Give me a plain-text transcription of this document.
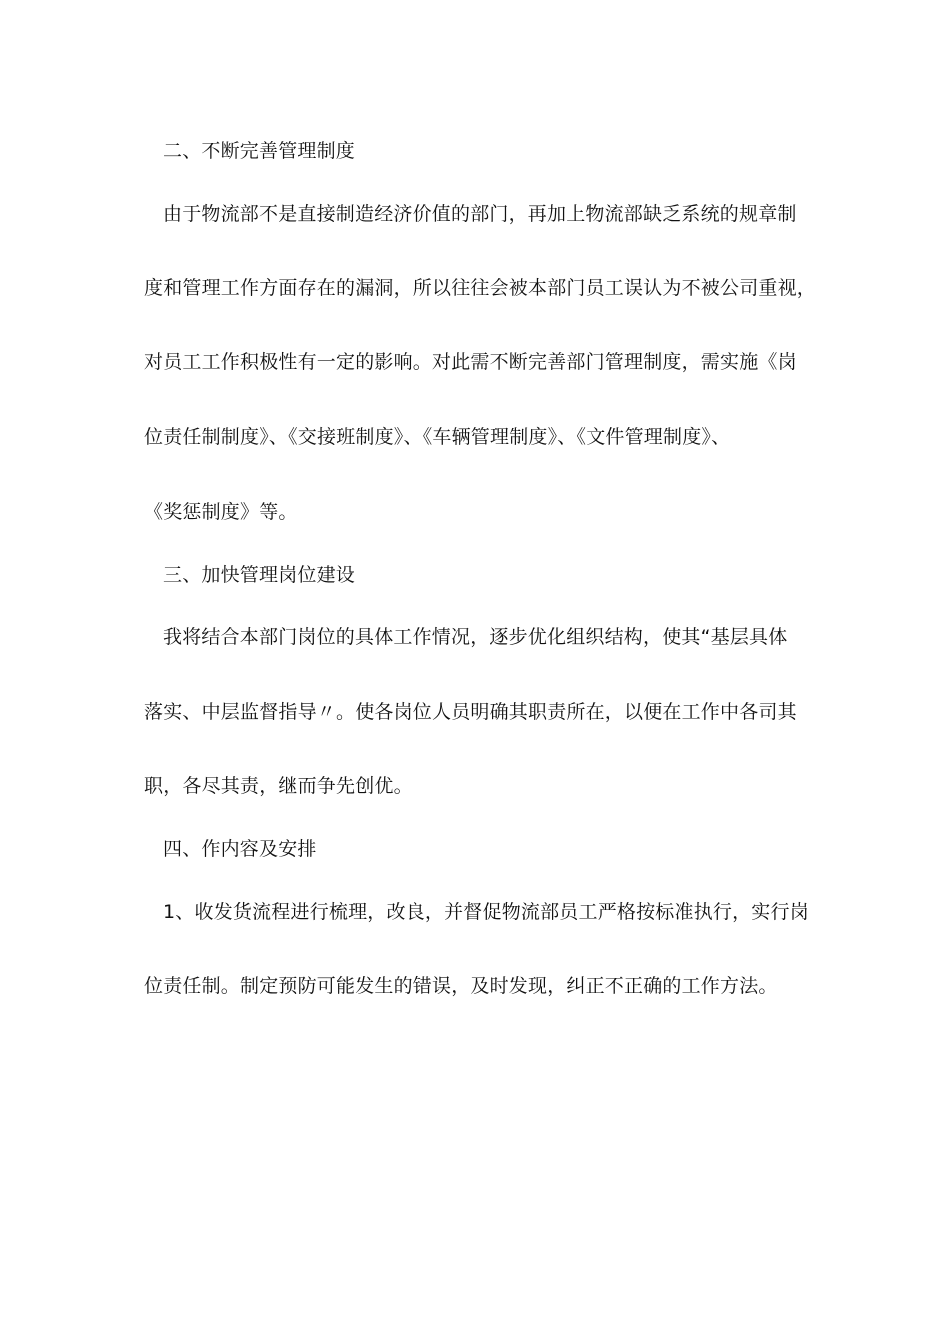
二、不断完善管理制度
由于物流部不是直接制造经济价值的部门，再加上物流部缺乏系统的规章制
度和管理工作方面存在的漏洞，所以往往会被本部门员工误认为不被公司重视，
对员工工作积极性有一定的影响。对此需不断完善部门管理制度，需实施《岗
位责任制制度》、《交接班制度》、《车辆管理制度》、《文件管理制度》、
《奖惩制度》等。
三、加快管理岗位建设
我将结合本部门岗位的具体工作情况，逐步优化组织结构，使其“基层具体
落实、中层监督指导〃。使各岗位人员明确其职责所在，以便在工作中各司其
职，各尽其责，继而争先创优。
四、作内容及安排
1、收发货流程进行梳理，改良，并督促物流部员工严格按标准执行，实行岗
位责任制。制定预防可能发生的错误，及时发现，纠正不正确的工作方法。
